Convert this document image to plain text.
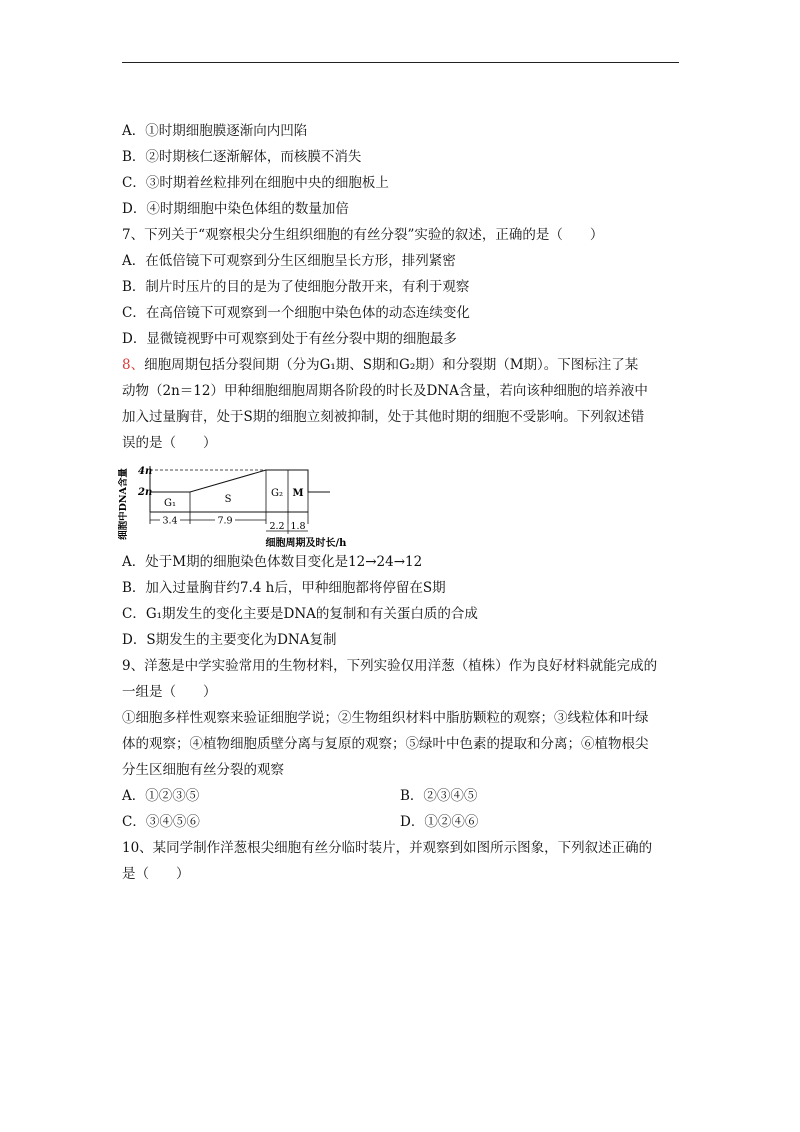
A．①时期细胞膜逐渐向内凹陷
B．②时期核仁逐渐解体，而核膜不消失
C．③时期着丝粒排列在细胞中央的细胞板上
D．④时期细胞中染色体组的数量加倍
7、下列关于“观察根尖分生组织细胞的有丝分裂”实验的叙述，正确的是（　　）
A．在低倍镜下可观察到分生区细胞呈长方形，排列紧密
B．制片时压片的目的是为了使细胞分散开来，有利于观察
C．在高倍镜下可观察到一个细胞中染色体的动态连续变化
D．显微镜视野中可观察到处于有丝分裂中期的细胞最多
8、细胞周期包括分裂间期（分为G₁期、S期和G₂期）和分裂期（M期）。下图标注了某
动物（2n＝12）甲种细胞细胞周期各阶段的时长及DNA含量，若向该种细胞的培养液中
加入过量胸苷，处于S期的细胞立刻被抑制，处于其他时期的细胞不受影响。下列叙述错
误的是（　　）
细胞中DNA含量 4n
2n
G₁	S
G₂ M
3.4	7.9	2.2 1.8
细胞周期及时长/h
A．处于M期的细胞染色体数目变化是12→24→12
B．加入过量胸苷约7.4 h后，甲种细胞都将停留在S期
C．G₁期发生的变化主要是DNA的复制和有关蛋白质的合成
D．S期发生的主要变化为DNA复制
9、洋葱是中学实验常用的生物材料，下列实验仅用洋葱（植株）作为良好材料就能完成的
一组是（　　）
①细胞多样性观察来验证细胞学说；②生物组织材料中脂肪颗粒的观察；③线粒体和叶绿
体的观察；④植物细胞质壁分离与复原的观察；⑤绿叶中色素的提取和分离；⑥植物根尖
分生区细胞有丝分裂的观察
A．①②③⑤	B．②③④⑤
C．③④⑤⑥	D．①②④⑥
10、某同学制作洋葱根尖细胞有丝分临时装片，并观察到如图所示图象，下列叙述正确的
是（　　）
